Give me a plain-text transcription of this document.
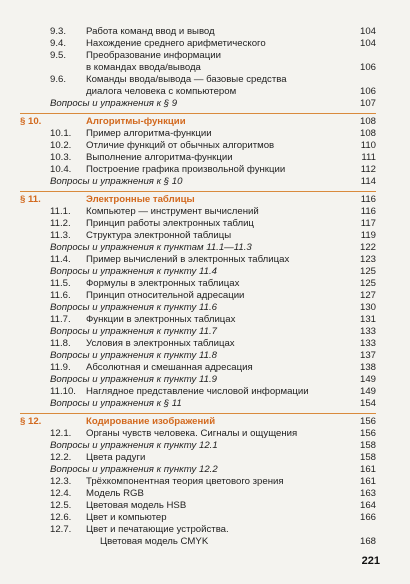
9.3. Работа команд ввод и вывод	104
9.4. Нахождение среднего арифметического	104
9.5. Преобразование информации
в командах ввода/вывода	106
9.6. Команды ввода/вывода — базовые средства
диалога человека с компьютером	106
Вопросы и упражнения к § 9	107
§ 10.	Алгоритмы-функции	108
10.1. Пример алгоритма-функции	108
10.2. Отличие функций от обычных алгоритмов	110
10.3. Выполнение алгоритма-функции	111
10.4. Построение графика произвольной функции	112
Вопросы и упражнения к § 10	114
§ 11.	Электронные таблицы	116
11.1. Компьютер — инструмент вычислений	116
11.2. Принцип работы электронных таблиц	117
11.3. Структура электронной таблицы	119
Вопросы и упражнения к пунктам 11.1—11.3	122
11.4. Пример вычислений в электронных таблицах	123
Вопросы и упражнения к пункту 11.4	125
11.5. Формулы в электронных таблицах	125
11.6. Принцип относительной адресации	127
Вопросы и упражнения к пункту 11.6	130
11.7. Функции в электронных таблицах	131
Вопросы и упражнения к пункту 11.7	133
11.8. Условия в электронных таблицах	133
Вопросы и упражнения к пункту 11.8	137
11.9. Абсолютная и смешанная адресация	138
Вопросы и упражнения к пункту 11.9	149
11.10. Наглядное представление числовой информации	149
Вопросы и упражнения к § 11	154
§ 12.	Кодирование изображений	156
12.1. Органы чувств человека. Сигналы и ощущения	156
Вопросы и упражнения к пункту 12.1	158
12.2. Цвета радуги	158
Вопросы и упражнения к пункту 12.2	161
12.3. Трёхкомпонентная теория цветового зрения	161
12.4. Модель RGB	163
12.5. Цветовая модель HSB	164
12.6. Цвет и компьютер	166
12.7. Цвет и печатающие устройства.
Цветовая модель CMYK	168
221
